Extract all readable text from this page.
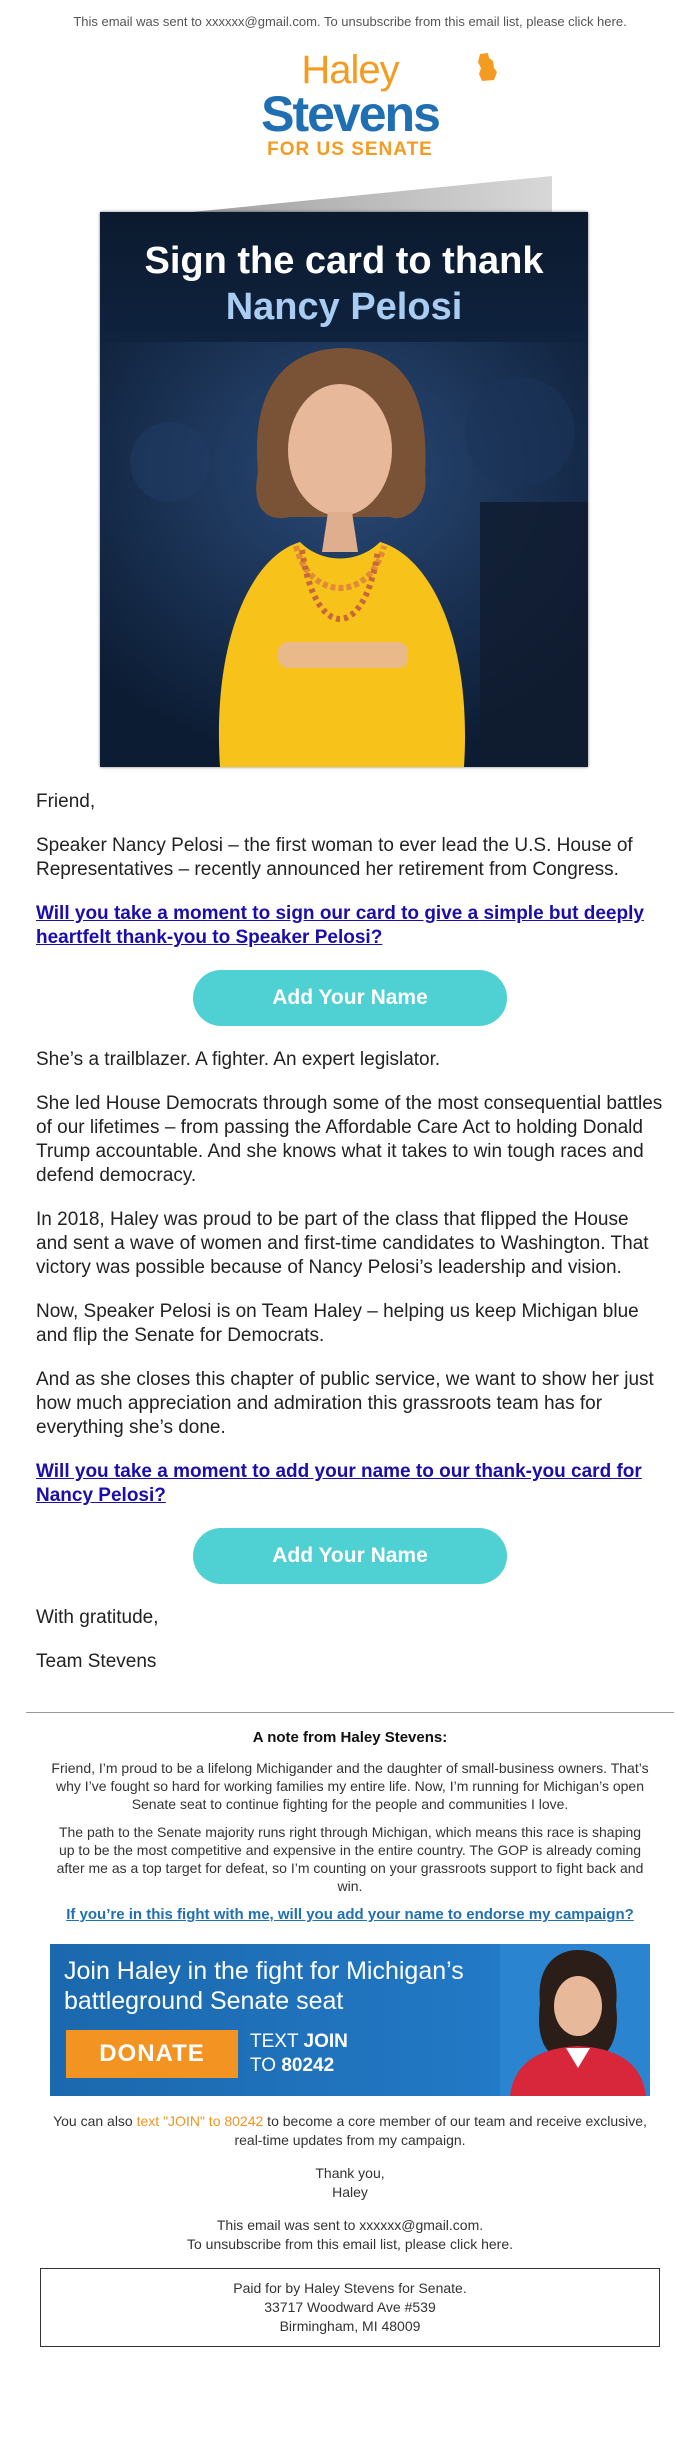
This email was sent to xxxxxx@gmail.com. To unsubscribe from this email list, please click here.
Haley
Stevens
FOR US SENATE
Sign the card to thank
Nancy Pelosi

Friend,

Speaker Nancy Pelosi – the first woman to ever lead the U.S. House of Representatives – recently announced her retirement from Congress.

Will you take a moment to sign our card to give a simple but deeply heartfelt thank-you to Speaker Pelosi?

Add Your Name

She’s a trailblazer. A fighter. An expert legislator.

She led House Democrats through some of the most consequential battles of our lifetimes – from passing the Affordable Care Act to holding Donald Trump accountable. And she knows what it takes to win tough races and defend democracy.

In 2018, Haley was proud to be part of the class that flipped the House and sent a wave of women and first-time candidates to Washington. That victory was possible because of Nancy Pelosi’s leadership and vision.

Now, Speaker Pelosi is on Team Haley – helping us keep Michigan blue and flip the Senate for Democrats.

And as she closes this chapter of public service, we want to show her just how much appreciation and admiration this grassroots team has for everything she’s done.

Will you take a moment to add your name to our thank-you card for Nancy Pelosi?

Add Your Name

With gratitude,

Team Stevens

A note from Haley Stevens:

Friend, I’m proud to be a lifelong Michigander and the daughter of small-business owners. That’s why I’ve fought so hard for working families my entire life. Now, I’m running for Michigan’s open Senate seat to continue fighting for the people and communities I love.

The path to the Senate majority runs right through Michigan, which means this race is shaping up to be the most competitive and expensive in the entire country. The GOP is already coming after me as a top target for defeat, so I’m counting on your grassroots support to fight back and win.

If you’re in this fight with me, will you add your name to endorse my campaign?

Join Haley in the fight for Michigan’s
battleground Senate seat
DONATE	TEXT JOIN
TO 80242

You can also text "JOIN" to 80242 to become a core member of our team and receive exclusive, real-time updates from my campaign.

Thank you,
Haley

This email was sent to xxxxxx@gmail.com.
To unsubscribe from this email list, please click here.

Paid for by Haley Stevens for Senate.
33717 Woodward Ave #539
Birmingham, MI 48009
